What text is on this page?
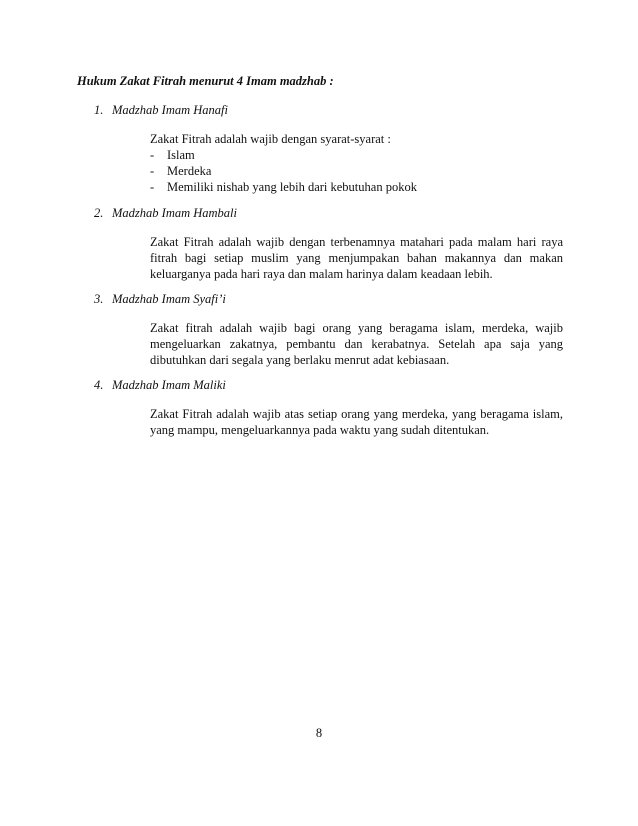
Hukum Zakat Fitrah menurut 4 Imam madzhab :
1. Madzhab Imam Hanafi

Zakat Fitrah adalah wajib dengan syarat-syarat :

- Islam
- Merdeka
- Memiliki nishab yang lebih dari kebutuhan pokok
2. Madzhab Imam Hambali

Zakat Fitrah adalah wajib dengan terbenamnya matahari pada malam hari raya fitrah bagi setiap muslim yang menjumpakan bahan makannya dan makan keluarganya pada hari raya dan malam harinya dalam keadaan lebih.

3. Madzhab Imam Syafi’i

Zakat fitrah adalah wajib bagi orang yang beragama islam, merdeka, wajib mengeluarkan zakatnya, pembantu dan kerabatnya. Setelah apa saja yang dibutuhkan dari segala yang berlaku menrut adat kebiasaan.

4. Madzhab Imam Maliki

Zakat Fitrah adalah wajib atas setiap orang yang merdeka, yang beragama islam, yang mampu, mengeluarkannya pada waktu yang sudah ditentukan.

8
